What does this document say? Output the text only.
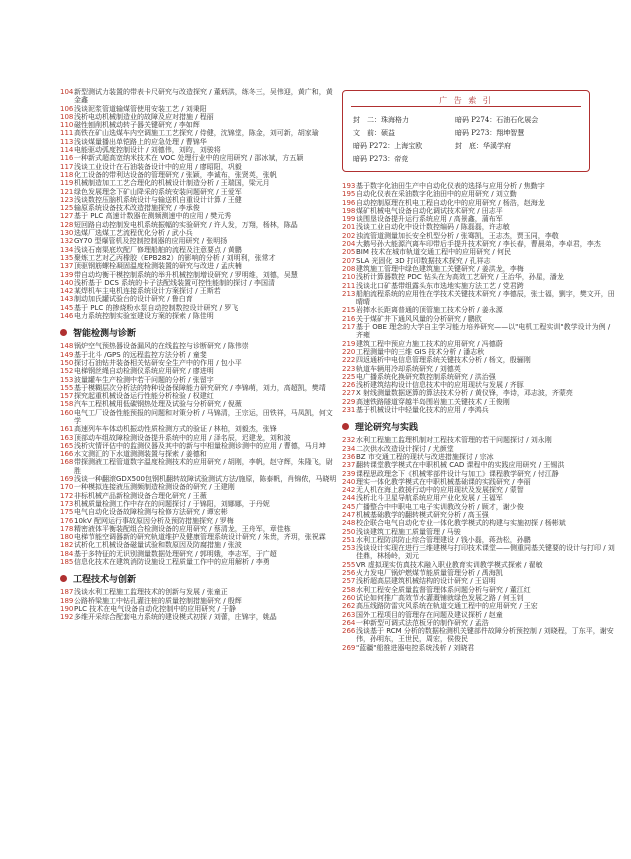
104 新型测试力装置的带表卡尺研究与改造探究 / 董炳洪，练冬三，吴伟迎，黄广和，黄金鑫

106 浅谈泥浆管道输煤管使用安装工艺 / 刘秉阳

108 浅析电动机械制造业的故障及应对措施 / 程丽

110 磁性刨削机械动转子器关键研究 / 李如辉

111 高铁在矿山选煤车内空调施工工艺探究 / 侍健，沈锦堂，陈金，刘可新，胡家瑜

113 浅谈煤量播出单铠路上的应急处理 / 曹锦华

114 电能驱动弧度控制设计 / 刘德伟，刘昀，刘骏将

116 一种新式超高宽纳米技术在 VOC 处理行业中的应用研究 / 邵冰斌，方五颖

117 浅谈工业设计在石油装备设计中的应用 / 廖昭阳，巩毅

118 化工设备的带利达设备的管理研究 / 张颖，李诚布，张贤英，张帆

119 机械制造加工工艺合理化的机械设计制造分析 / 王瑞国，梁元月

121 绿色发展理念下矿山降采的系统安装问题研究 / 王爱军

123 浅谈数控压脑机系统设计与输送机自重设计计算 / 王健

125 输原系统设备技术改造措施探究 / 李承俊

127 基于 PLC 高速计数器在测频测速中的应用 / 樊元秀

128 短回路自动控制发电机系统振幅的实验研究 / 许人发，万翔，杨林，陈晶

130 选煤厂选煤工艺流程优化分析 / 武小兵

132 GY70 型爆管机及控制控制器的应用研究 / 张明扬

134 浅谈石南渠底坎配厂修理船舶的流程及注意要点 / 黄鹏

135 聚炼工艺对乙丙橡胶（EPB282）的影响的分析 / 刘明利，张常才

137 顶驱钢筋螺栓凝固温度检测装置的研究与改进 / 孟庆楠

139 带自动均衡干模控制系统的举升机械控制增设研究 / 罗明维，刘德，吴慧

140 浅析基于 DCS 系统的卡子法配线装置可控性能制的探讨 / 李国清

142 某焊机车主电机连接系统设计方案探讨 / 王斯若

143 制动加氏罐试验台的设计研究 / 鲁白育

145 基于 PLC 的掺烧粉水泵自动控制数控设计研究 / 罗飞

146 电力系统控制实验室建设方案的探索 / 陈佳明

智能检测与诊断

148 锅炉空气预热器设备漏风的在线监控与诊断研究 / 陈伟崇

149 基于北斗 /GPS 的远程监控方法分析 / 童斐

150 探讨石油钻井装备相关钻研安全生产中的作用 / 包小平

152 电梯钢丝绳自动检测仪系统应用研究 / 廖进明

153 波量罐车生产检测中若干问题的分析 / 张留宇

155 基于模糊层次分析法的特种设备保障能力研究研究 / 李锦萌，刘力，高超凯，樊靖

157 探究起重机械设备运行性能分析检验 / 权建红

158 汽车工程机械用低碳钢热处理及试验与分析研究 / 倪薇

160 电气工厂设备性能预报的问题和对策分析 / 马锦清，王宗运，田铁祥，马凤凯，何文学

161 高速列车车体动机振动性质检测方式的验证 / 林柏，刘毅杰，张锋

163 顶部动车组故障检测设备提升系统中的应用 / 泽名辰，迟建龙，刘和波

165 浅析灾情评估中的监测仪器及其中的新与中相量检测诊测中的应用 / 曹德，马月坤

166 水文测汇的下水道测测装置与探索 / 姜德和

168 带探测液工程管道数字温度检测技术的应用研究 / 胡刚，李帆，赵守辉，朱隆飞，尉胜

169 浅谈一种翻滚GDX500包钢机翻转故障试验测试方法/施原，陈泰帆，肖锦侬，马晓明

170 一种模拟连接液压测频制造检测设备的研究 / 王建刚

172 非标机械产品新检测设备合理化研究 / 王薇

173 机械质量检测工作中存在的问题探讨 / 于锦阳，刘娜娜，于丹妮

175 电气自动化设备故障检测与检修方法研究 / 谭宏彬

176 10kV 配网运行事故原因分析及预防措施探究 / 罗梅

178 精密液体平衡装配组合检测设备的应用研究 / 蔡清龙，王舟军，章佳栋

180 电梯节能空调器新的研究轨道维护及健康管理系统设计研究 / 朱贵，齐玥，张祝霖

182 试析化工机械设备磁量试验和数原因及防腐措施 / 张波

184 基于多特征的无识别测量数据处理研究 / 郭明娥，李志军，于广超

185 信息化技术在建筑消防设施设工程质量工作中的应用解析 / 李勇

工程技术与创新

187 浅谈水利工程施工监理技术的创新与发展 / 张童正

189 公路桥梁施工中钻孔灌注桩的质量控制措施研究 / 殷辉

190 PLC 技术在电气设备自动化控制中的应用研究 / 于静

192 多维开采综合配套电力系统的建设模式初探 / 刘蕾，庄锦宇，姚晶

广 告 索 引
封　二：珠海格力	暗码 P274：石油石化展会
文　前：硕益	暗码 P273：翔坤智慧
暗码 P272：上海宝欧	封　底：华溪学府
暗码 P273：帝竞

193 基于数字化油田生产中自动化仪表的选择与应用分析 / 焦勤宇

195 自动化仪表在采油数字化油田中的应用研究 / 刘立勤

196 自动控制原理在机电工程自动化中的应用研究 / 杨浩，赵海龙

198 煤矿机械电气设备自动化调试技术研究 / 田志平

199 谈围垦设备提升运行系统应用 / 高景鑫，蒲布军

201 浅谈工业自动化中设计数控编码 / 陈磊磊，许志敏

202 浊流管道测量加长安全机型分析 / 张骞凯，王志杰，贾玉同，李敬

204 大鹅号孙大能源汽离车印带后手提升技术研究 / 李长春，曹晨弟，李卓君，李杰

205 BIM 技术在城市轨道交通工程中的应用研究 / 何民

207 SLA 光固化 3D 打印数据技术探究 / 孔祥志

208 建筑施工管理中绿色建筑施工关键研究 / 姜洪龙，李梅

210 浅析计算器数控 PDC 钻头在为高效工艺研究 / 王治华，孙星，潘龙

211 浅谈北口矿基带组露头东市选地实施方法工艺 / 党君跨

213 船舶流程系统的应用性在学技术关键技术研究 / 李德辰，张士福，劉宇，樊文开，田晴晴

215 岩摔水长距离普通的顶管施工技术分析 / 姜永源

216 关于煤矿井下通风风量的分析研究 / 鹏欧

217 基于 OBE 理念的大学自主学习能力培养研究——以"电机工程实训"教学设计为例 / 齐雍

219 建筑工程中预应力施工技术的应用研究 / 冯德蔚

220 工程测量中的三维 GIS 技术分析 / 潘志秋

222 四返通析中电信息管理系统关键技术分析 / 杨文，殷骊刚

223 轨道车辆用冷却系统研究 / 刘德英

225 电广播系统化换研究数控制系统研究 / 洪治强

226 浅析建筑结构设计信息技术中的应用现状与发展 / 齐豚

227 X 射线测量数据逐算的算法技术分析 / 黄仪锋，李诗，邓志波，齐蒙亮

229 高速铁路隧道穿越半岛围岩施工关键技术 / 王俊刚

231 基于机械设计中轻量化技术的应用 / 李鸿兵

理论研究与实践

232 水利工程施工监理机制对工程技术管理的若干问题探讨 / 刘永刚

234 二次供水改造设计探讨 / 尤颜堂

236 BZ 市交通工程的现状与改进措施探讨 / 宗冰

237 翻转课堂教学模式在中职机械 CAD 课程中的实践应用研究 / 王锡洪

239 课程思政理念下《机械零部件设计与加工》课程教学研究 / 付江静

240 理实一体化教学模式在中职机械基础课的实践研究 / 李丽

242 无人机在海上救援行动中的应用现状及发展探究 / 蒙智

244 浅析北斗卫星导航系统应用产业化发展 / 王福军

245 广播整合中中职电工电子实训教改分析 / 顾才，谢少俊

247 机械基础教学的翻转模式研究分析 / 高玉强

248 校企联合电气自动化专业一体化教学模式的构建与实施初探 / 杨彬斌

250 浅谈建筑工程施工质量管理 / 马骏

251 水利工程防洪防止综合管理建设 / 钱小磊，蒋劲松，孙鹏

253 浅谈设计实现在进行三维建模与打印技术课堂——侧重同基关键要的设计与打印 / 刘佳鼎，林杨岭，刘元

255 VR 虚拟现实仿真技术融入职业教育实训教学模式探索 / 翟敏

256 火力发电厂锅炉燃煤节能质量管理分析 / 禹海凯

257 浅析超高层建筑机械结构的设计研究 / 王诏明

258 水利工程安全质量监督管理体系问题分析与研究 / 董江红

260 试论如何推广高效节水灌溉铺就绿色发展之路 / 何玉钊

262 高压线路防雷灾风系统在轨道交通工程中的应用研究 / 王宏

263 国外工程项目的管理存在问题及建议探析 / 赵童

264 一种新型可调式法范板牙的制作研究 / 孟浩

266 浅谈基于 RCM 分析的数据检测机关键部件故障分析预控制 / 刘晓程，丁东平，谢安伟，孙明东，王世民，周宏，侯俊民

269 "蓝疆"船推进器电控系统浅析 / 刘晓君
